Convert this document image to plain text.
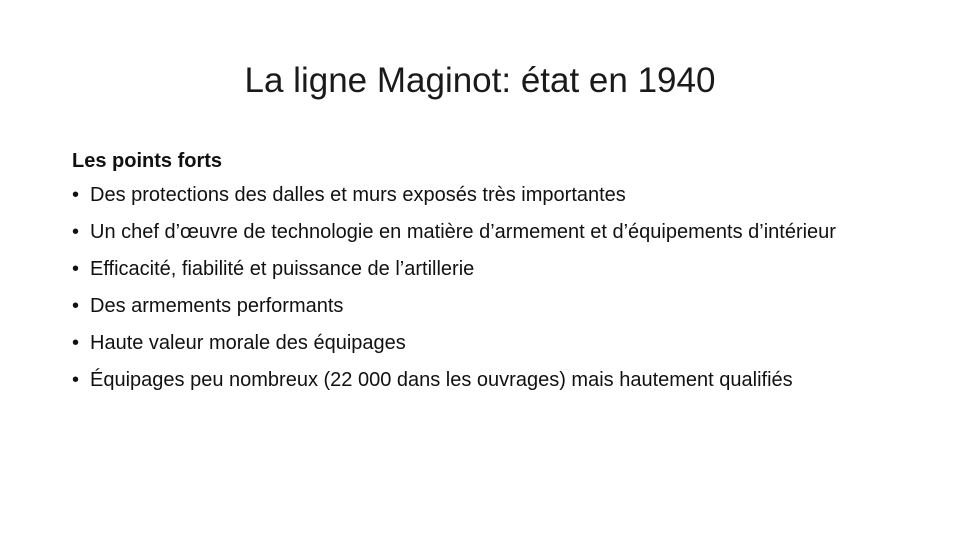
La ligne Maginot: état en 1940
Les points forts
• Des protections des dalles et murs exposés très importantes
• Un chef d’œuvre de technologie en matière d’armement et d’équipements d’intérieur
• Efficacité, fiabilité et puissance de l’artillerie
• Des armements performants
• Haute valeur morale des équipages
• Équipages peu nombreux (22 000 dans les ouvrages) mais hautement qualifiés
